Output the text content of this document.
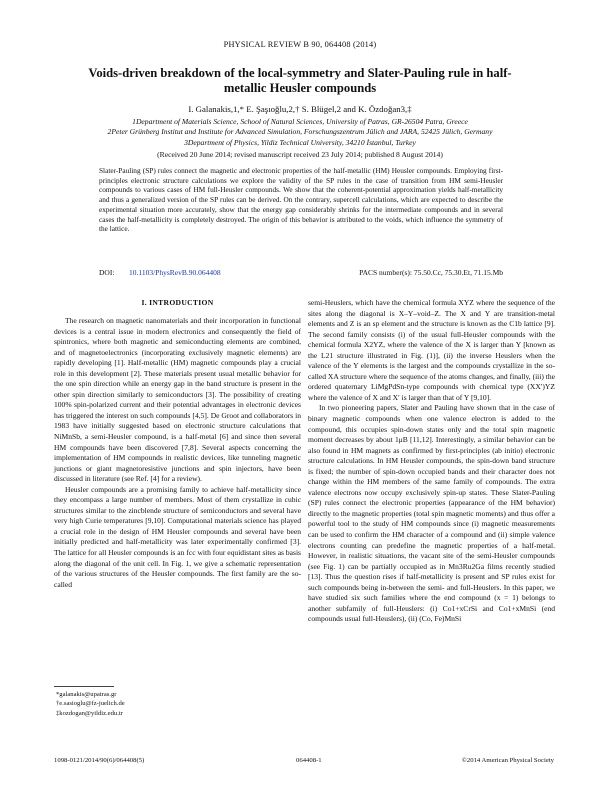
PHYSICAL REVIEW B 90, 064408 (2014)
Voids-driven breakdown of the local-symmetry and Slater-Pauling rule in half-metallic Heusler compounds
I. Galanakis,1,* E. Şaşıoğlu,2,† S. Blügel,2 and K. Özdoğan3,‡
1Department of Materials Science, School of Natural Sciences, University of Patras, GR-26504 Patra, Greece
2Peter Grünberg Institut and Institute for Advanced Simulation, Forschungszentrum Jülich and JARA, 52425 Jülich, Germany
3Department of Physics, Yildiz Technical University, 34210 İstanbul, Turkey
(Received 20 June 2014; revised manuscript received 23 July 2014; published 8 August 2014)
Slater-Pauling (SP) rules connect the magnetic and electronic properties of the half-metallic (HM) Heusler compounds. Employing first-principles electronic structure calculations we explore the validity of the SP rules in the case of transition from HM semi-Heusler compounds to various cases of HM full-Heusler compounds. We show that the coherent-potential approximation yields half-metallicity and thus a generalized version of the SP rules can be derived. On the contrary, supercell calculations, which are expected to describe the experimental situation more accurately, show that the energy gap considerably shrinks for the intermediate compounds and in several cases the half-metallicity is completely destroyed. The origin of this behavior is attributed to the voids, which influence the symmetry of the lattice.
DOI: 10.1103/PhysRevB.90.064408	PACS number(s): 75.50.Cc, 75.30.Et, 71.15.Mb
I. INTRODUCTION

The research on magnetic nanomaterials and their incorporation in functional devices is a central issue in modern electronics and consequently the field of spintronics, where both magnetic and semiconducting elements are combined, and of magnetoelectronics (incorporating exclusively magnetic elements) are rapidly developing [1]. Half-metallic (HM) magnetic compounds play a crucial role in this development [2]. These materials present usual metallic behavior for the one spin direction while an energy gap in the band structure is present in the other spin direction similarly to semiconductors [3]. The possibility of creating 100% spin-polarized current and their potential advantages in electronic devices has triggered the interest on such compounds [4,5]. De Groot and collaborators in 1983 have initially suggested based on electronic structure calculations that NiMnSb, a semi-Heusler compound, is a half-metal [6] and since then several HM compounds have been discovered [7,8]. Several aspects concerning the implementation of HM compounds in realistic devices, like tunneling magnetic junctions or giant magnetoresistive junctions and spin injectors, have been discussed in literature (see Ref. [4] for a review).

Heusler compounds are a promising family to achieve half-metallicity since they encompass a large number of members. Most of them crystallize in cubic structures similar to the zincblende structure of semiconductors and several have very high Curie temperatures [9,10]. Computational materials science has played a crucial role in the design of HM Heusler compounds and several have been initially predicted and half-metallicity was later experimentally confirmed [3]. The lattice for all Heusler compounds is an fcc with four equidistant sites as basis along the diagonal of the unit cell. In Fig. 1, we give a schematic representation of the various structures of the Heusler compounds. The first family are the so-called

semi-Heuslers, which have the chemical formula XYZ where the sequence of the sites along the diagonal is X–Y–void–Z. The X and Y are transition-metal elements and Z is an sp element and the structure is known as the C1b lattice [9]. The second family consists (i) of the usual full-Heusler compounds with the chemical formula X2YZ, where the valence of the X is larger than Y [known as the L21 structure illustrated in Fig. (1)], (ii) the inverse Heuslers when the valence of the Y elements is the largest and the compounds crystallize in the so-called XA structure where the sequence of the atoms changes, and finally, (iii) the ordered quaternary LiMgPdSn-type compounds with chemical type (XX′)YZ where the valence of X and X′ is larger than that of Y [9,10].

In two pioneering papers, Slater and Pauling have shown that in the case of binary magnetic compounds when one valence electron is added to the compound, this occupies spin-down states only and the total spin magnetic moment decreases by about 1μB [11,12]. Interestingly, a similar behavior can be also found in HM magnets as confirmed by first-principles (ab initio) electronic structure calculations. In HM Heusler compounds, the spin-down band structure is fixed; the number of spin-down occupied bands and their character does not change within the HM members of the same family of compounds. The extra valence electrons now occupy exclusively spin-up states. These Slater-Pauling (SP) rules connect the electronic properties (appearance of the HM behavior) directly to the magnetic properties (total spin magnetic moments) and thus offer a powerful tool to the study of HM compounds since (i) magnetic measurements can be used to confirm the HM character of a compound and (ii) simple valence electrons counting can predefine the magnetic properties of a half-metal. However, in realistic situations, the vacant site of the semi-Heusler compounds (see Fig. 1) can be partially occupied as in Mn3Ru2Ga films recently studied [13]. Thus the question rises if half-metallicity is present and SP rules exist for such compounds being in-between the semi- and full-Heuslers. In this paper, we have studied six such families where the end compound (x = 1) belongs to another subfamily of full-Heuslers: (i) Co1+xCrSi and Co1+xMnSi (end compounds usual full-Heuslers), (ii) (Co, Fe)MnSi

*galanakis@upatras.gr
†e.sasioglu@fz-juelich.de
‡kozdogan@yildiz.edu.tr
1098-0121/2014/90(6)/064408(5)	064408-1	©2014 American Physical Society
